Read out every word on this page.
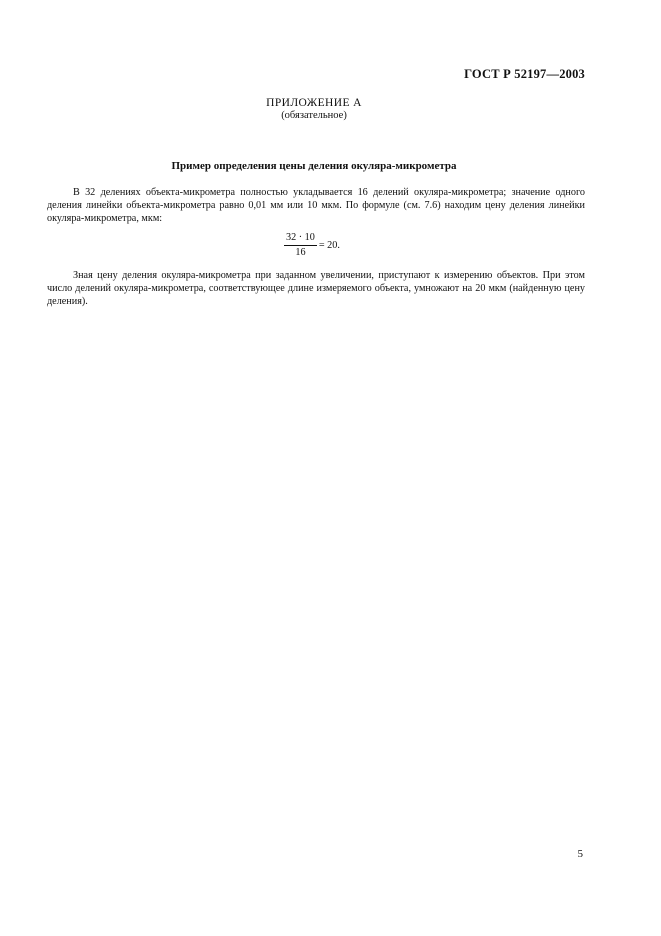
ГОСТ Р 52197—2003
ПРИЛОЖЕНИЕ А
(обязательное)
Пример определения цены деления окуляра-микрометра

В 32 делениях объекта-микрометра полностью укладывается 16 делений окуляра-микрометра; значение одного деления линейки объекта-микрометра равно 0,01 мм или 10 мкм. По формуле (см. 7.6) находим цену деления линейки окуляра-микрометра, мкм:

$\frac{32 \cdot 10}{16} = 20$.

Зная цену деления окуляра-микрометра при заданном увеличении, приступают к измерению объектов. При этом число делений окуляра-микрометра, соответствующее длине измеряемого объекта, умножают на 20 мкм (найденную цену деления).

5
